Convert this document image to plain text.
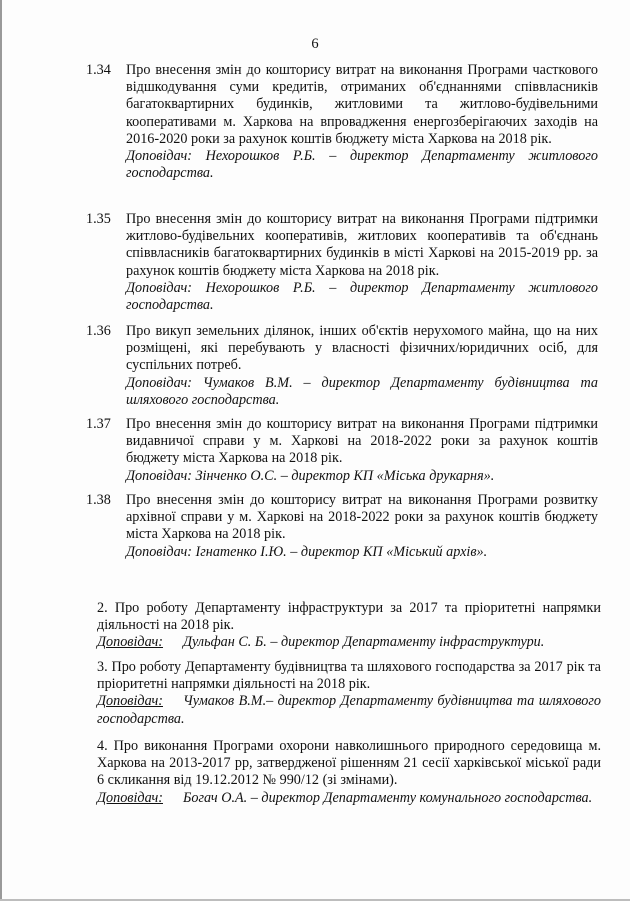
6
1.34	Про внесення змін до кошторису витрат на виконання Програми часткового відшкодування суми кредитів, отриманих об'єднаннями співвласників багатоквартирних будинків, житловими та житлово-будівельними кооперативами м. Харкова на впровадження енергозберігаючих заходів на 2016-2020 роки за рахунок коштів бюджету міста Харкова на 2018 рік.
Доповідач: Нехорошков Р.Б. – директор Департаменту житлового господарства.
1.35	Про внесення змін до кошторису витрат на виконання Програми підтримки житлово-будівельних кооперативів, житлових кооперативів та об'єднань співвласників багатоквартирних будинків в місті Харкові на 2015-2019 рр. за рахунок коштів бюджету міста Харкова на 2018 рік.
Доповідач: Нехорошков Р.Б. – директор Департаменту житлового господарства.
1.36	Про викуп земельних ділянок, інших об'єктів нерухомого майна, що на них розміщені, які перебувають у власності фізичних/юридичних осіб, для суспільних потреб.
Доповідач: Чумаков В.М. – директор Департаменту будівництва та шляхового господарства.
1.37	Про внесення змін до кошторису витрат на виконання Програми підтримки видавничої справи у м. Харкові на 2018-2022 роки за рахунок коштів бюджету міста Харкова на 2018 рік.
Доповідач: Зінченко О.С. – директор КП «Міська друкарня».
1.38	Про внесення змін до кошторису витрат на виконання Програми розвитку архівної справи у м. Харкові на 2018-2022 роки за рахунок коштів бюджету міста Харкова на 2018 рік.
Доповідач: Ігнатенко І.Ю. – директор КП «Міський архів».
2. Про роботу Департаменту інфраструктури за 2017 та пріоритетні напрямки діяльності на 2018 рік.
Доповідач: Дульфан С. Б. – директор Департаменту інфраструктури.
3. Про роботу Департаменту будівництва та шляхового господарства за 2017 рік та пріоритетні напрямки діяльності на 2018 рік.
Доповідач: Чумаков В.М.– директор Департаменту будівництва та шляхового господарства.
4. Про виконання Програми охорони навколишнього природного середовища м. Харкова на 2013-2017 рр, затвердженої рішенням 21 сесії харківської міської ради 6 скликання від 19.12.2012 № 990/12 (зі змінами).
Доповідач: Богач О.А. – директор Департаменту комунального господарства.
